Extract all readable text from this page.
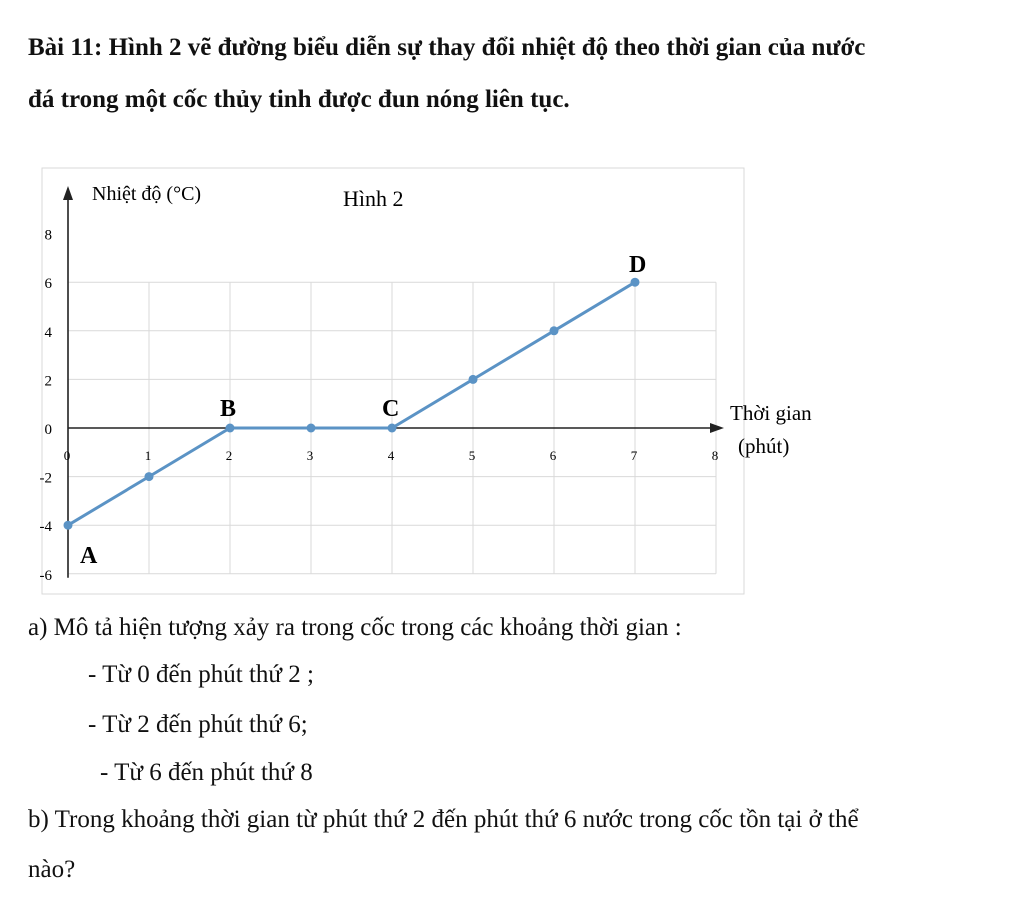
Bài 11: Hình 2 vẽ đường biểu diễn sự thay đổi nhiệt độ theo thời gian của nước
đá trong một cốc thủy tinh được đun nóng liên tục.
8
6
4
2
0
-2
-4
-6
0	1	2	3	4	5	6	7	8
A
B	C
D
Nhiệt độ (°C)	Hình 2
Thời gian
(phút)
a) Mô tả hiện tượng xảy ra trong cốc trong các khoảng thời gian :
- Từ 0 đến phút thứ 2 ;
- Từ 2 đến phút thứ 6;
- Từ 6 đến phút thứ 8
b) Trong khoảng thời gian từ phút thứ 2 đến phút thứ 6 nước trong cốc tồn tại ở thể
nào?
